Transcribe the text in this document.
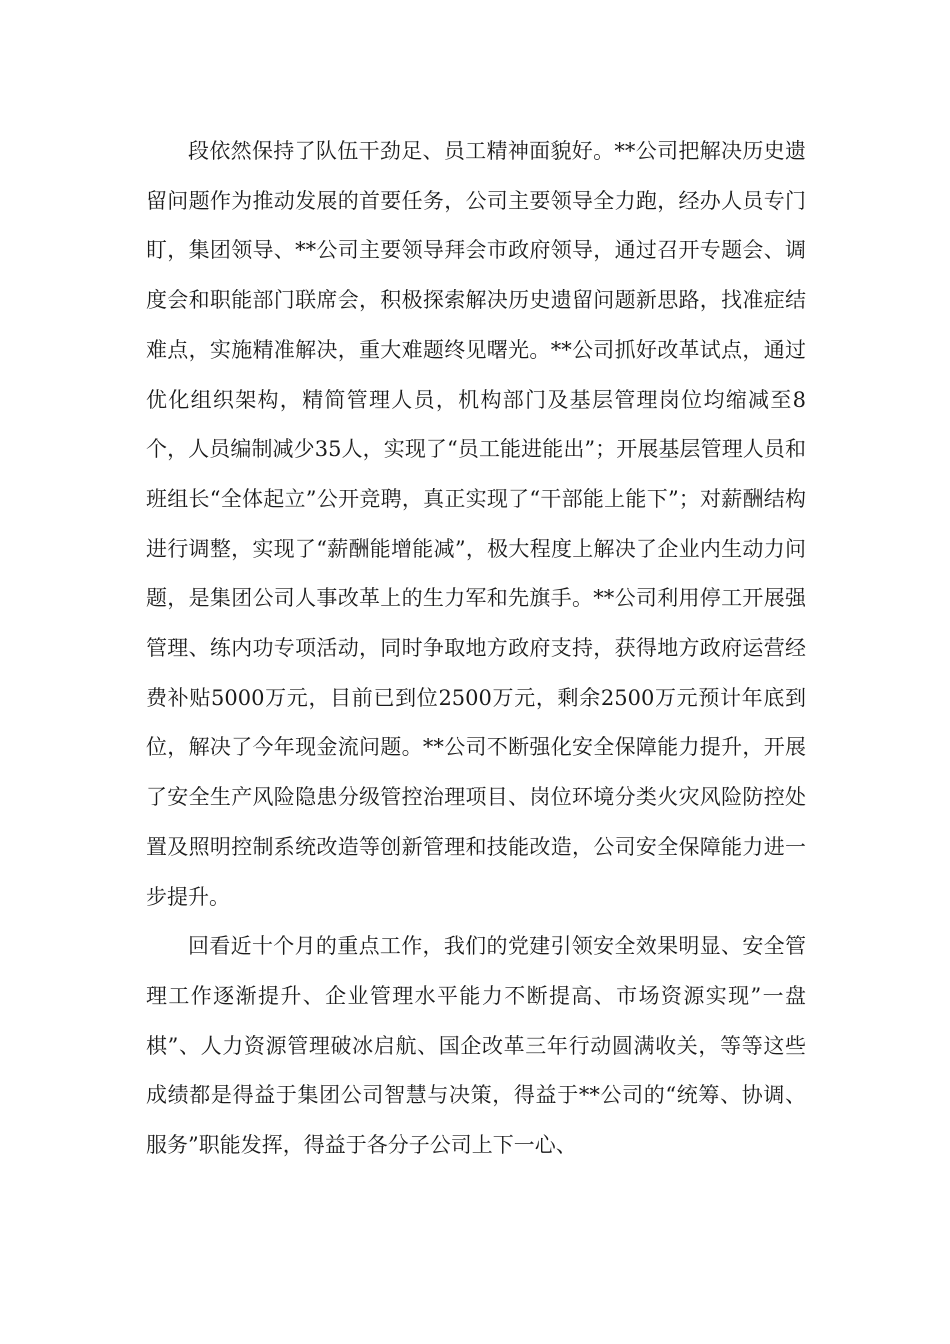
段依然保持了队伍干劲足、员工精神面貌好。**公司把解决历史遗留问题作为推动发展的首要任务，公司主要领导全力跑，经办人员专门盯，集团领导、**公司主要领导拜会市政府领导，通过召开专题会、调度会和职能部门联席会，积极探索解决历史遗留问题新思路，找准症结难点，实施精准解决，重大难题终见曙光。**公司抓好改革试点，通过优化组织架构，精简管理人员，机构部门及基层管理岗位均缩减至8个，人员编制减少35人，实现了“员工能进能出”；开展基层管理人员和班组长“全体起立”公开竞聘，真正实现了“干部能上能下”；对薪酬结构进行调整，实现了“薪酬能增能减”，极大程度上解决了企业内生动力问题，是集团公司人事改革上的生力军和先旗手。**公司利用停工开展强管理、练内功专项活动，同时争取地方政府支持，获得地方政府运营经费补贴5000万元，目前已到位2500万元，剩余2500万元预计年底到位，解决了今年现金流问题。**公司不断强化安全保障能力提升，开展了安全生产风险隐患分级管控治理项目、岗位环境分类火灾风险防控处置及照明控制系统改造等创新管理和技能改造，公司安全保障能力进一步提升。

回看近十个月的重点工作，我们的党建引领安全效果明显、安全管理工作逐渐提升、企业管理水平能力不断提高、市场资源实现”一盘棋”、人力资源管理破冰启航、国企改革三年行动圆满收关，等等这些成绩都是得益于集团公司智慧与决策，得益于**公司的“统筹、协调、服务”职能发挥，得益于各分子公司上下一心、
